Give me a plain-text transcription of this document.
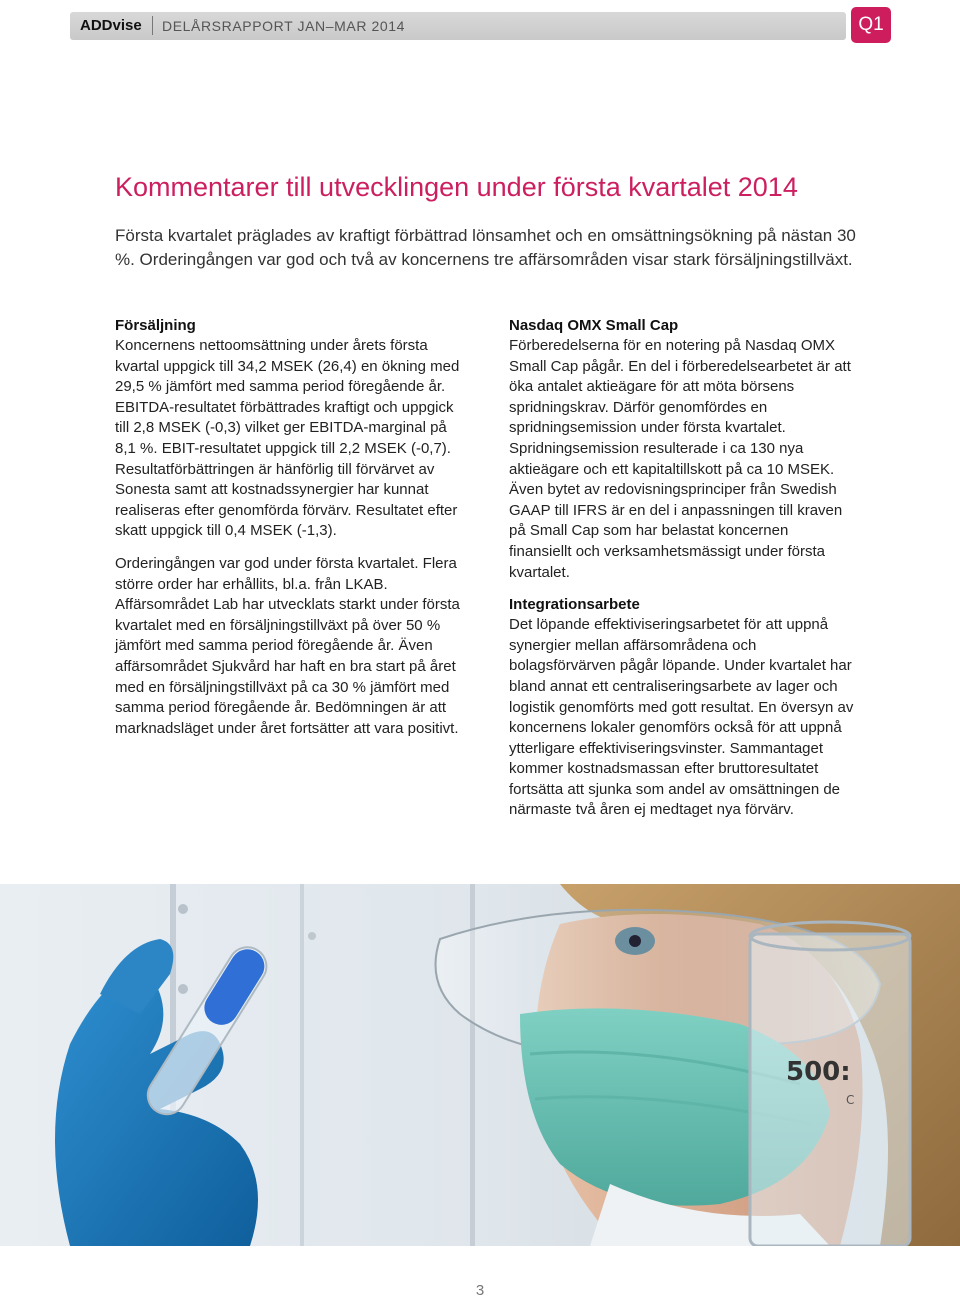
ADDvise DELÅRSRAPPORT JAN–MAR 2014	Q1
Kommentarer till utvecklingen under första kvartalet 2014

Första kvartalet präglades av kraftigt förbättrad lönsamhet och en omsättningsökning på nästan 30 %. Orderingången var god och två av koncernens tre affärsområden visar stark försäljningstillväxt.

Försäljning

Koncernens nettoomsättning under årets första kvartal uppgick till 34,2 MSEK (26,4) en ökning med 29,5 % jämfört med samma period föregående år. EBITDA-resultatet förbättrades kraftigt och uppgick till 2,8 MSEK (-0,3) vilket ger EBITDA-marginal på 8,1 %. EBIT-resultatet uppgick till 2,2 MSEK (-0,7). Resultatförbättringen är hänförlig till förvärvet av Sonesta samt att kostnadssynergier har kunnat realiseras efter genomförda förvärv. Resultatet efter skatt uppgick till 0,4 MSEK (-1,3).

Orderingången var god under första kvartalet. Flera större order har erhållits, bl.a. från LKAB. Affärsområdet Lab har utvecklats starkt under första kvartalet med en försäljningstillväxt på över 50 % jämfört med samma period föregående år. Även affärsområdet Sjukvård har haft en bra start på året med en försäljningstillväxt på ca 30 % jämfört med samma period föregående år. Bedömningen är att marknadsläget under året fortsätter att vara positivt.

Nasdaq OMX Small Cap

Förberedelserna för en notering på Nasdaq OMX Small Cap pågår. En del i förberedelsearbetet är att öka antalet aktieägare för att möta börsens spridningskrav. Därför genomfördes en spridningsemission under första kvartalet. Spridningsemission resulterade i ca 130 nya aktieägare och ett kapitaltillskott på ca 10 MSEK. Även bytet av redovisningsprinciper från Swedish GAAP till IFRS är en del i anpassningen till kraven på Small Cap som har belastat koncernen finansiellt och verksamhetsmässigt under första kvartalet.

Integrationsarbete

Det löpande effektiviseringsarbetet för att uppnå synergier mellan affärsområdena och bolagsförvärven pågår löpande. Under kvartalet har bland annat ett centraliseringsarbete av lager och logistik genomförts med gott resultat. En översyn av koncernens lokaler genomförs också för att uppnå ytterligare effektiviseringsvinster. Sammantaget kommer kostnadsmassan efter bruttoresultatet fortsätta att sjunka som andel av omsättningen de närmaste två åren ej medtaget nya förvärv.

500:
C
3
